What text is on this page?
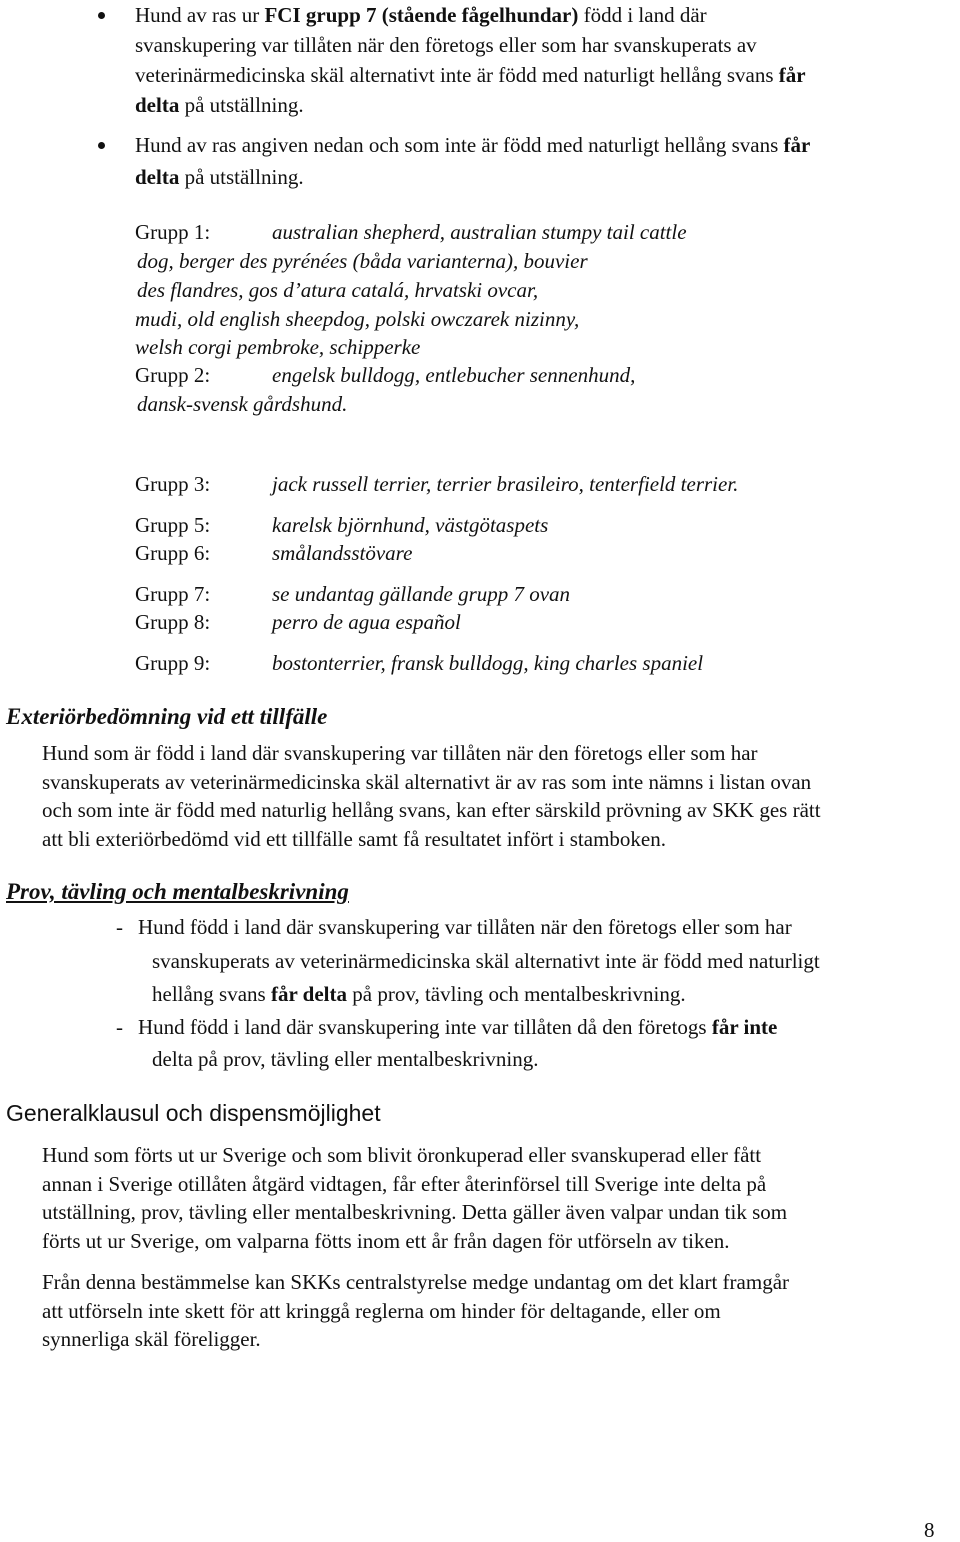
Hund av ras ur FCI grupp 7 (stående fågelhundar) född i land där
svanskupering var tillåten när den företogs eller som har svanskuperats av
veterinärmedicinska skäl alternativt inte är född med naturligt hellång svans får
delta på utställning.
Hund av ras angiven nedan och som inte är född med naturligt hellång svans får
delta på utställning.
Grupp 1:	australian shepherd, australian stumpy tail cattle
dog, berger des pyrénées (båda varianterna), bouvier
des flandres, gos d’atura catalá, hrvatski ovcar,
mudi, old english sheepdog, polski owczarek nizinny,
welsh corgi pembroke, schipperke
Grupp 2:	engelsk bulldogg, entlebucher sennenhund,
dansk-svensk gårdshund.
Grupp 3:	jack russell terrier, terrier brasileiro, tenterfield terrier.
Grupp 5:	karelsk björnhund, västgötaspets
Grupp 6:	smålandsstövare
Grupp 7:	se undantag gällande grupp 7 ovan
Grupp 8:	perro de agua español
Grupp 9:	bostonterrier, fransk bulldogg, king charles spaniel
Exteriörbedömning vid ett tillfälle

Hund som är född i land där svanskupering var tillåten när den företogs eller som har

svanskuperats av veterinärmedicinska skäl alternativt är av ras som inte nämns i listan ovan

och som inte är född med naturlig hellång svans, kan efter särskild prövning av SKK ges rätt

att bli exteriörbedömd vid ett tillfälle samt få resultatet infört i stamboken.

Prov, tävling och mentalbeskrivning
- Hund född i land där svanskupering var tillåten när den företogs eller som har
svanskuperats av veterinärmedicinska skäl alternativt inte är född med naturligt
hellång svans får delta på prov, tävling och mentalbeskrivning.
- Hund född i land där svanskupering inte var tillåten då den företogs får inte
delta på prov, tävling eller mentalbeskrivning.
Generalklausul och dispensmöjlighet

Hund som förts ut ur Sverige och som blivit öronkuperad eller svanskuperad eller fått

annan i Sverige otillåten åtgärd vidtagen, får efter återinförsel till Sverige inte delta på

utställning, prov, tävling eller mentalbeskrivning. Detta gäller även valpar undan tik som

förts ut ur Sverige, om valparna fötts inom ett år från dagen för utförseln av tiken.

Från denna bestämmelse kan SKKs centralstyrelse medge undantag om det klart framgår

att utförseln inte skett för att kringgå reglerna om hinder för deltagande, eller om

synnerliga skäl föreligger.

8
